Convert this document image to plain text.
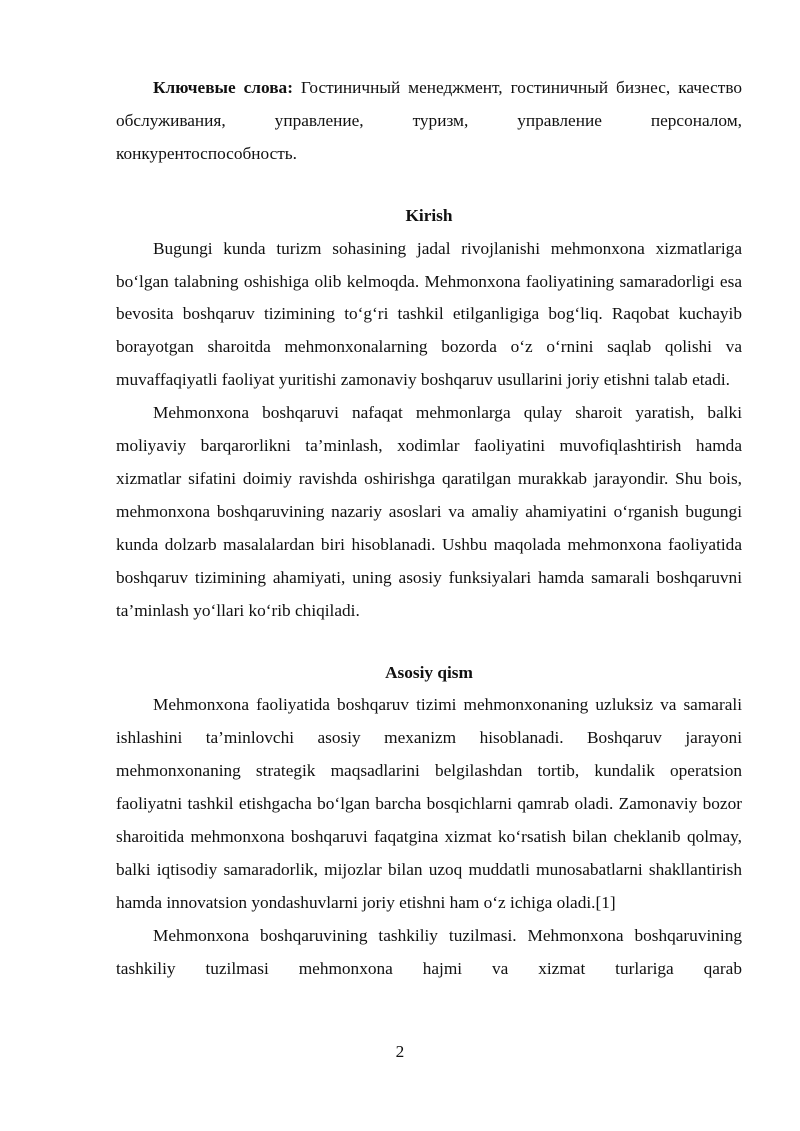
Ключевые слова: Гостиничный менеджмент, гостиничный бизнес, качество обслуживания, управление, туризм, управление персоналом, конкурентоспособность.

Kirish

Bugungi kunda turizm sohasining jadal rivojlanishi mehmonxona xizmatlariga bo‘lgan talabning oshishiga olib kelmoqda. Mehmonxona faoliyatining samaradorligi esa bevosita boshqaruv tizimining to‘g‘ri tashkil etilganligiga bog‘liq. Raqobat kuchayib borayotgan sharoitda mehmonxonalarning bozorda o‘z o‘rnini saqlab qolishi va muvaffaqiyatli faoliyat yuritishi zamonaviy boshqaruv usullarini joriy etishni talab etadi.

Mehmonxona boshqaruvi nafaqat mehmonlarga qulay sharoit yaratish, balki moliyaviy barqarorlikni ta’minlash, xodimlar faoliyatini muvofiqlashtirish hamda xizmatlar sifatini doimiy ravishda oshirishga qaratilgan murakkab jarayondir. Shu bois, mehmonxona boshqaruvining nazariy asoslari va amaliy ahamiyatini o‘rganish bugungi kunda dolzarb masalalardan biri hisoblanadi. Ushbu maqolada mehmonxona faoliyatida boshqaruv tizimining ahamiyati, uning asosiy funksiyalari hamda samarali boshqaruvni ta’minlash yo‘llari ko‘rib chiqiladi.

Asosiy qism

Mehmonxona faoliyatida boshqaruv tizimi mehmonxonaning uzluksiz va samarali ishlashini ta’minlovchi asosiy mexanizm hisoblanadi. Boshqaruv jarayoni mehmonxonaning strategik maqsadlarini belgilashdan tortib, kundalik operatsion faoliyatni tashkil etishgacha bo‘lgan barcha bosqichlarni qamrab oladi. Zamonaviy bozor sharoitida mehmonxona boshqaruvi faqatgina xizmat ko‘rsatish bilan cheklanib qolmay, balki iqtisodiy samaradorlik, mijozlar bilan uzoq muddatli munosabatlarni shakllantirish hamda innovatsion yondashuvlarni joriy etishni ham o‘z ichiga oladi.[1]

Mehmonxona boshqaruvining tashkiliy tuzilmasi. Mehmonxona boshqaruvining tashkiliy tuzilmasi mehmonxona hajmi va xizmat turlariga qarab

2
